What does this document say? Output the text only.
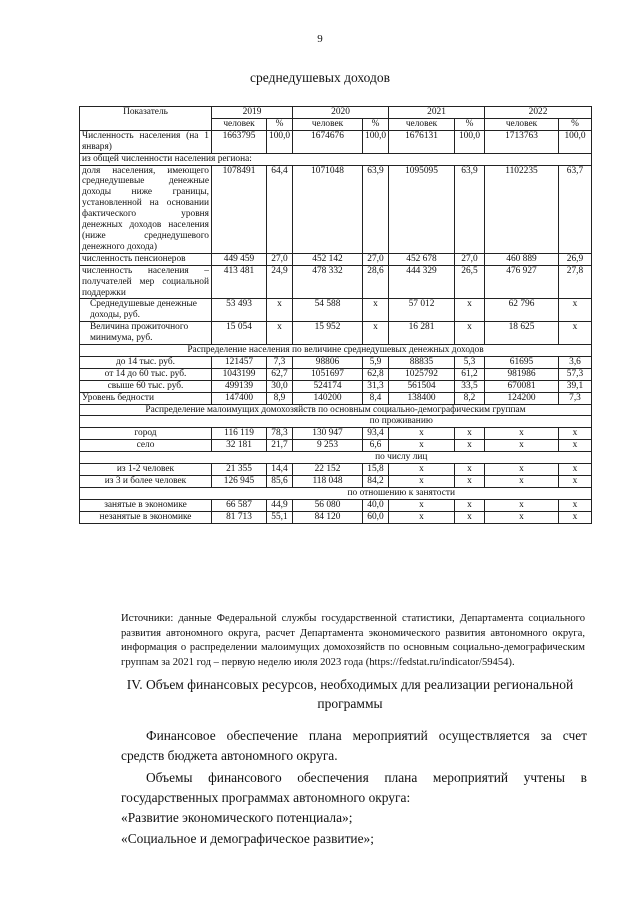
9
среднедушевых доходов
Показатель	2019		2020		2021		2022	
	человек	%	человек	%	человек	%	человек	%
Численность населения (на 1 января)	1663795	100,0	1674676	100,0	1676131	100,0	1713763	100,0
из общей численности населения региона:								
доля населения, имеющего среднедушевые денежные доходы ниже границы, установленной на основании фактического уровня денежных доходов населения (ниже среднедушевого денежного дохода)	1078491	64,4	1071048	63,9	1095095	63,9	1102235	63,7
численность пенсионеров	449 459	27,0	452 142	27,0	452 678	27,0	460 889	26,9
численность населения – получателей мер социальной поддержки	413 481	24,9	478 332	28,6	444 329	26,5	476 927	27,8
Среднедушевые денежные доходы, руб.	53 493	х	54 588	х	57 012	х	62 796	х
Величина прожиточного минимума, руб.	15 054	х	15 952	х	16 281	х	18 625	х
Распределение населения по величине среднедушевых денежных доходов								
до 14 тыс. руб.	121457	7,3	98806	5,9	88835	5,3	61695	3,6
от 14 до 60 тыс. руб.	1043199	62,7	1051697	62,8	1025792	61,2	981986	57,3
свыше 60 тыс. руб.	499139	30,0	524174	31,3	561504	33,5	670081	39,1
Уровень бедности	147400	8,9	140200	8,4	138400	8,2	124200	7,3
Распределение малоимущих домохозяйств по основным социально-демографическим группам								
	по проживанию							
город	116 119	78,3	130 947	93,4	х	х	х	х
село	32 181	21,7	9 253	6,6	х	х	х	х
	по числу лиц							
из 1-2 человек	21 355	14,4	22 152	15,8	х	х	х	х
из 3 и более человек	126 945	85,6	118 048	84,2	х	х	х	х
	по отношению к занятости							
занятые в экономике	66 587	44,9	56 080	40,0	х	х	х	х
незанятые в экономике	81 713	55,1	84 120	60,0	х	х	х	х
Источники: данные Федеральной службы государственной статистики, Департамента социального развития автономного округа, расчет Департамента экономического развития автономного округа, информация о распределении малоимущих домохозяйств по основным социально-демографическим группам за 2021 год – первую неделю июля 2023 года (https://fedstat.ru/indicator/59454).
IV. Объем финансовых ресурсов, необходимых для реализации региональной программы
Финансовое обеспечение плана мероприятий осуществляется за счет средств бюджета автономного округа.
Объемы финансового обеспечения плана мероприятий учтены в государственных программах автономного округа:
«Развитие экономического потенциала»;
«Социальное и демографическое развитие»;
